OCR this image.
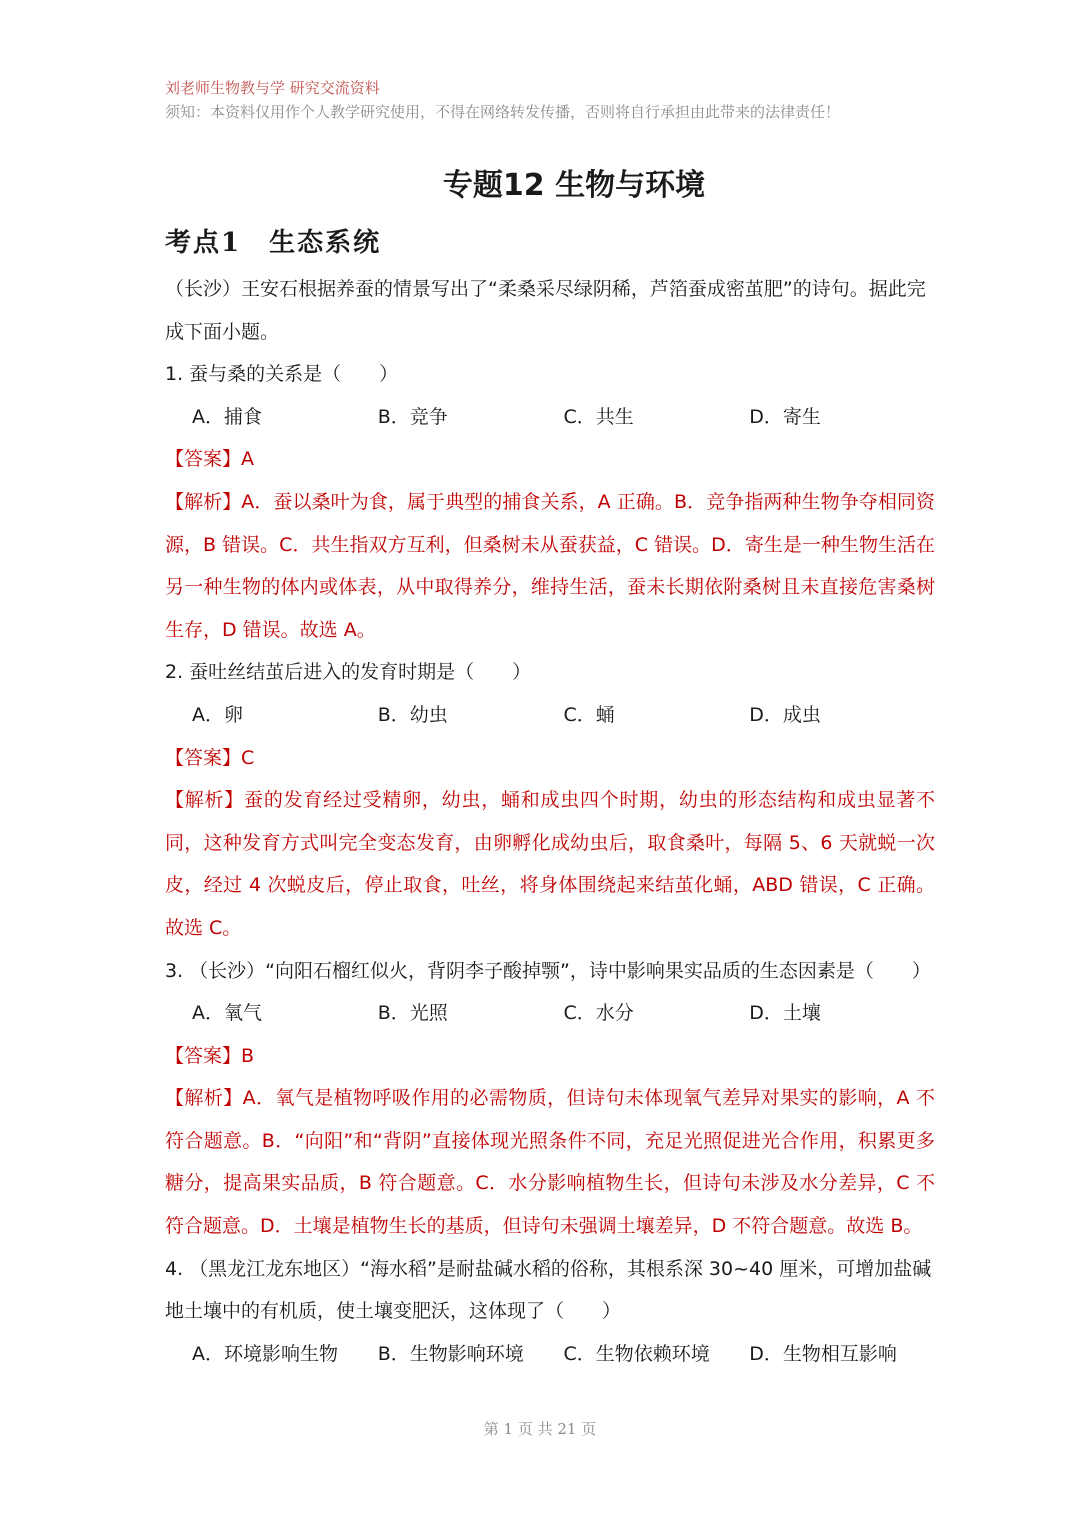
刘老师生物教与学 研究交流资料
须知：本资料仅用作个人教学研究使用，不得在网络转发传播，否则将自行承担由此带来的法律责任！
专题12 生物与环境
考点1　生态系统

（长沙）王安石根据养蚕的情景写出了“柔桑采尽绿阴稀，芦箔蚕成密茧肥”的诗句。据此完成下面小题。

1. 蚕与桑的关系是（　　）

A．捕食	B．竞争	C．共生	D．寄生

【答案】A

【解析】A．蚕以桑叶为食，属于典型的捕食关系，A 正确。B．竞争指两种生物争夺相同资源，B 错误。C．共生指双方互利，但桑树未从蚕获益，C 错误。D．寄生是一种生物生活在另一种生物的体内或体表，从中取得养分，维持生活，蚕未长期依附桑树且未直接危害桑树生存，D 错误。故选 A。

2. 蚕吐丝结茧后进入的发育时期是（　　）

A．卵	B．幼虫	C．蛹	D．成虫

【答案】C

【解析】蚕的发育经过受精卵，幼虫，蛹和成虫四个时期，幼虫的形态结构和成虫显著不同，这种发育方式叫完全变态发育，由卵孵化成幼虫后，取食桑叶，每隔 5、6 天就蜕一次皮，经过 4 次蜕皮后，停止取食，吐丝，将身体围绕起来结茧化蛹，ABD 错误，C 正确。故选 C。

3. （长沙）“向阳石榴红似火，背阴李子酸掉颚”，诗中影响果实品质的生态因素是（　　）

A．氧气	B．光照	C．水分	D．土壤

【答案】B

【解析】A．氧气是植物呼吸作用的必需物质，但诗句未体现氧气差异对果实的影响，A 不符合题意。B．“向阳”和“背阴”直接体现光照条件不同，充足光照促进光合作用，积累更多糖分，提高果实品质，B 符合题意。C．水分影响植物生长，但诗句未涉及水分差异，C 不符合题意。D．土壤是植物生长的基质，但诗句未强调土壤差异，D 不符合题意。故选 B。

4. （黑龙江龙东地区）“海水稻”是耐盐碱水稻的俗称，其根系深 30~40 厘米，可增加盐碱地土壤中的有机质，使土壤变肥沃，这体现了（　　）

A．环境影响生物	B．生物影响环境	C．生物依赖环境	D．生物相互影响
第 1 页 共 21 页
